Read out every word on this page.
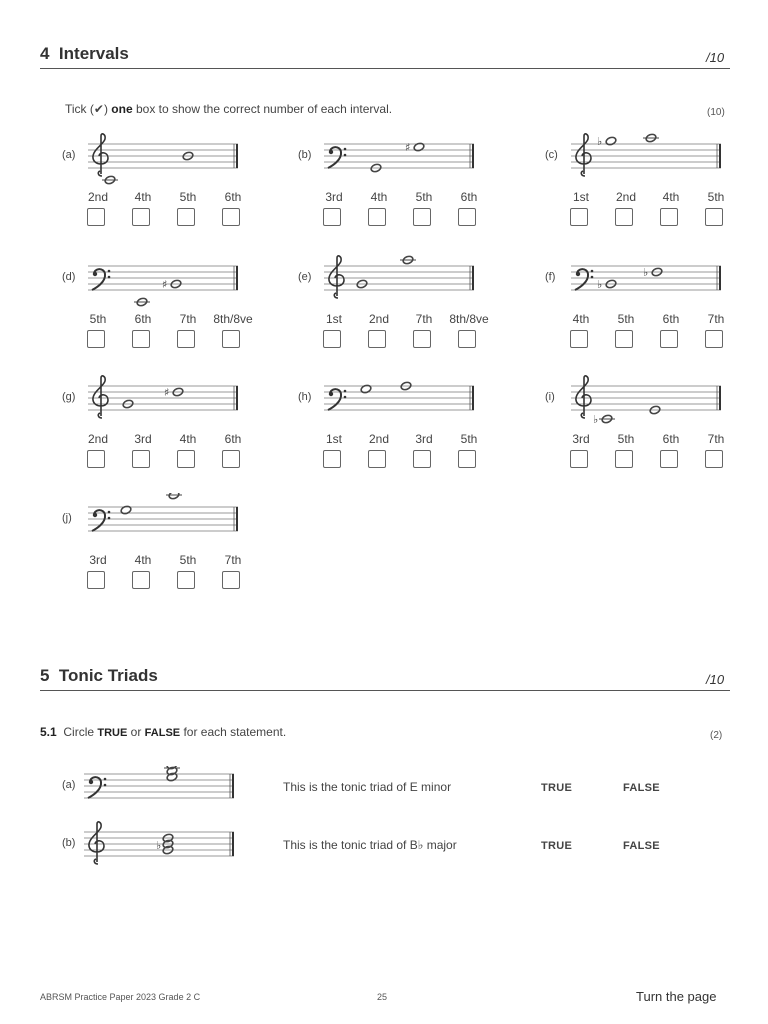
4 Intervals	/10
Tick (✔) one box to show the correct number of each interval.	(10)
(a)
2nd 4th 5th 6th
(b)
♯
3rd 4th 5th 6th
(c)
♭
1st 2nd 4th 5th
(d)
♯
5th 6th 7th 8th/8ve
(e)
1st 2nd 7th 8th/8ve
(f)
♭
♭
4th 5th 6th 7th
(g)	♯
2nd 3rd 4th 6th
(h)
1st 2nd 3rd 5th
(i)
♭
3rd 5th 6th 7th
(j)
3rd 4th 5th 7th
5 Tonic Triads	/10
5.1 Circle TRUE or FALSE for each statement.	(2)
(a)	This is the tonic triad of E minor	TRUE	FALSE
(b)	♭	This is the tonic triad of B♭ major	TRUE	FALSE
ABRSM Practice Paper 2023 Grade 2 C	25	Turn the page
